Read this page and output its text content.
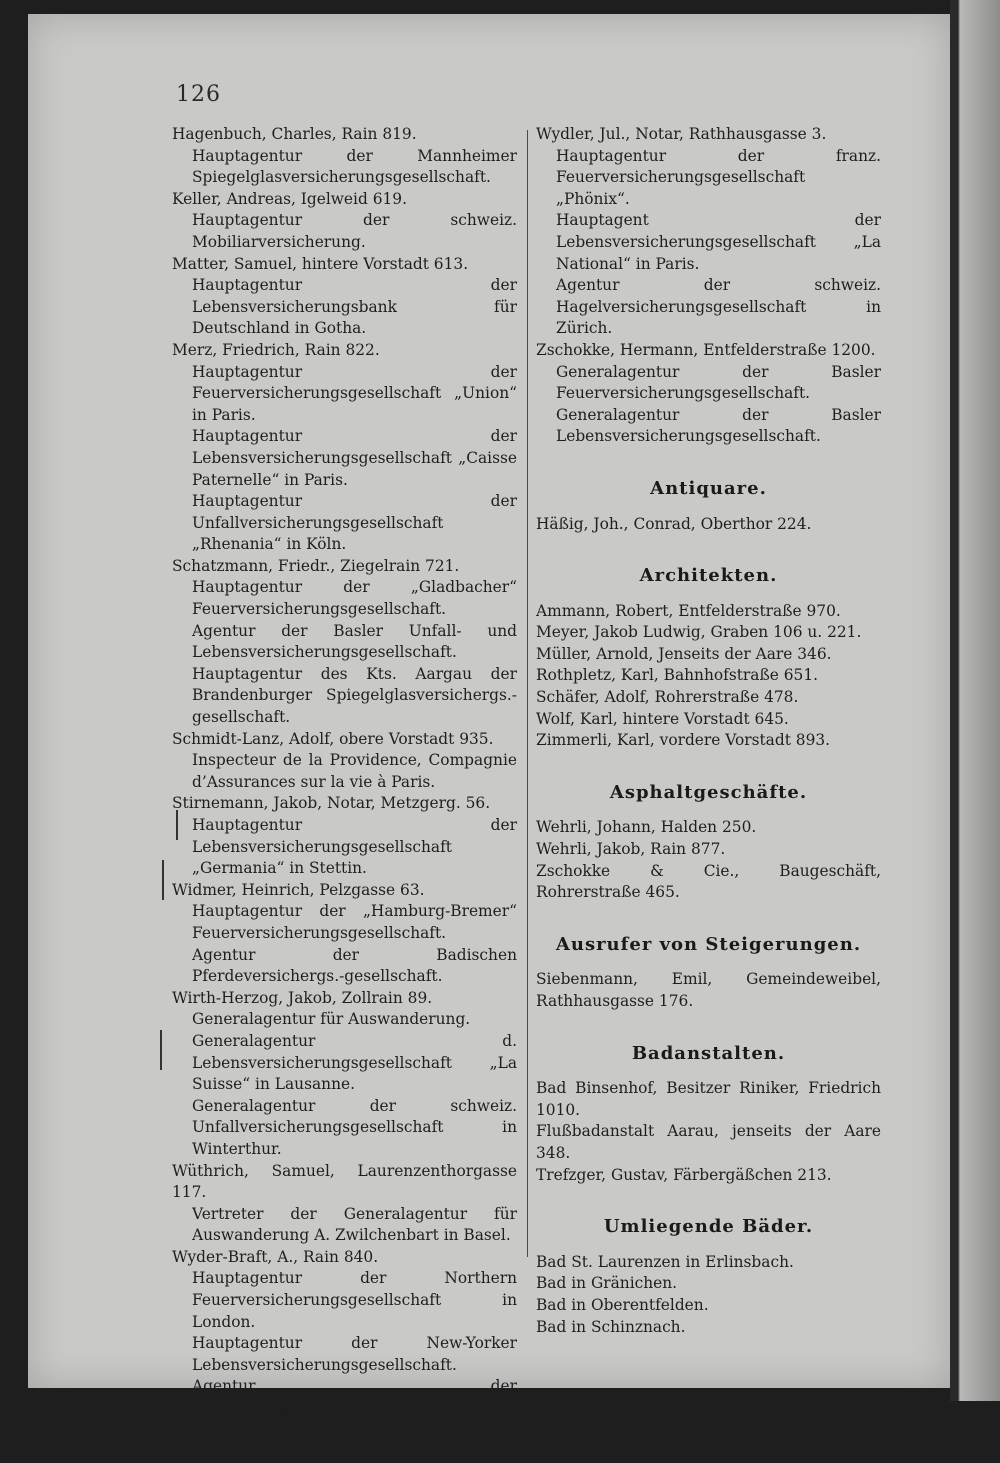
126
Hagenbuch, Charles, Rain 819.
Hauptagentur der Mannheimer Spiegelglasversicherungsgesellschaft.
Keller, Andreas, Igelweid 619.
Hauptagentur der schweiz. Mobiliarversicherung.
Matter, Samuel, hintere Vorstadt 613.
Hauptagentur der Lebensversicherungsbank für Deutschland in Gotha.
Merz, Friedrich, Rain 822.
Hauptagentur der Feuerversicherungsgesellschaft „Union“ in Paris.
Hauptagentur der Lebensversicherungsgesellschaft „Caisse Paternelle“ in Paris.
Hauptagentur der Unfallversicherungsgesellschaft „Rhenania“ in Köln.
Schatzmann, Friedr., Ziegelrain 721.
Hauptagentur der „Gladbacher“ Feuerversicherungsgesellschaft.
Agentur der Basler Unfall- und Lebensversicherungsgesellschaft.
Hauptagentur des Kts. Aargau der Brandenburger Spiegelglasversichergs.-gesellschaft.
Schmidt-Lanz, Adolf, obere Vorstadt 935.
Inspecteur de la Providence, Compagnie d’Assurances sur la vie à Paris.
Stirnemann, Jakob, Notar, Metzgerg. 56.
Hauptagentur der Lebensversicherungsgesellschaft „Germania“ in Stettin.
Widmer, Heinrich, Pelzgasse 63.
Hauptagentur der „Hamburg-Bremer“ Feuerversicherungsgesellschaft.
Agentur der Badischen Pferdeversichergs.-gesellschaft.
Wirth-Herzog, Jakob, Zollrain 89.
Generalagentur für Auswanderung.
Generalagentur d. Lebensversicherungsgesellschaft „La Suisse“ in Lausanne.
Generalagentur der schweiz. Unfallversicherungsgesellschaft in Winterthur.
Wüthrich, Samuel, Laurenzenthorgasse 117.
Vertreter der Generalagentur für Auswanderung A. Zwilchenbart in Basel.
Wyder-Braft, A., Rain 840.
Hauptagentur der Northern Feuerversicherungsgesellschaft in London.
Hauptagentur der New-Yorker Lebensversicherungsgesellschaft.
Agentur der Unfallversicherungsgesellschaft Zürich.
Annoncen-Expedition für Rudolf Mosse in Zürich.
Wydler, Jul., Notar, Rathhausgasse 3.
Hauptagentur der franz. Feuerversicherungsgesellschaft „Phönix“.
Hauptagent der Lebensversicherungsgesellschaft „La National“ in Paris.
Agentur der schweiz. Hagelversicherungsgesellschaft in Zürich.
Zschokke, Hermann, Entfelderstraße 1200.
Generalagentur der Basler Feuerversicherungsgesellschaft.
Generalagentur der Basler Lebensversicherungsgesellschaft.
Antiquare.
Häßig, Joh., Conrad, Oberthor 224.
Architekten.
Ammann, Robert, Entfelderstraße 970.
Meyer, Jakob Ludwig, Graben 106 u. 221.
Müller, Arnold, Jenseits der Aare 346.
Rothpletz, Karl, Bahnhofstraße 651.
Schäfer, Adolf, Rohrerstraße 478.
Wolf, Karl, hintere Vorstadt 645.
Zimmerli, Karl, vordere Vorstadt 893.
Asphaltgeschäfte.
Wehrli, Johann, Halden 250.
Wehrli, Jakob, Rain 877.
Zschokke & Cie., Baugeschäft, Rohrerstraße 465.
Ausrufer von Steigerungen.
Siebenmann, Emil, Gemeindeweibel, Rathhausgasse 176.
Badanstalten.
Bad Binsenhof, Besitzer Riniker, Friedrich 1010.
Flußbadanstalt Aarau, jenseits der Aare 348.
Trefzger, Gustav, Färbergäßchen 213.
Umliegende Bäder.
Bad St. Laurenzen in Erlinsbach.
Bad in Gränichen.
Bad in Oberentfelden.
Bad in Schinznach.
